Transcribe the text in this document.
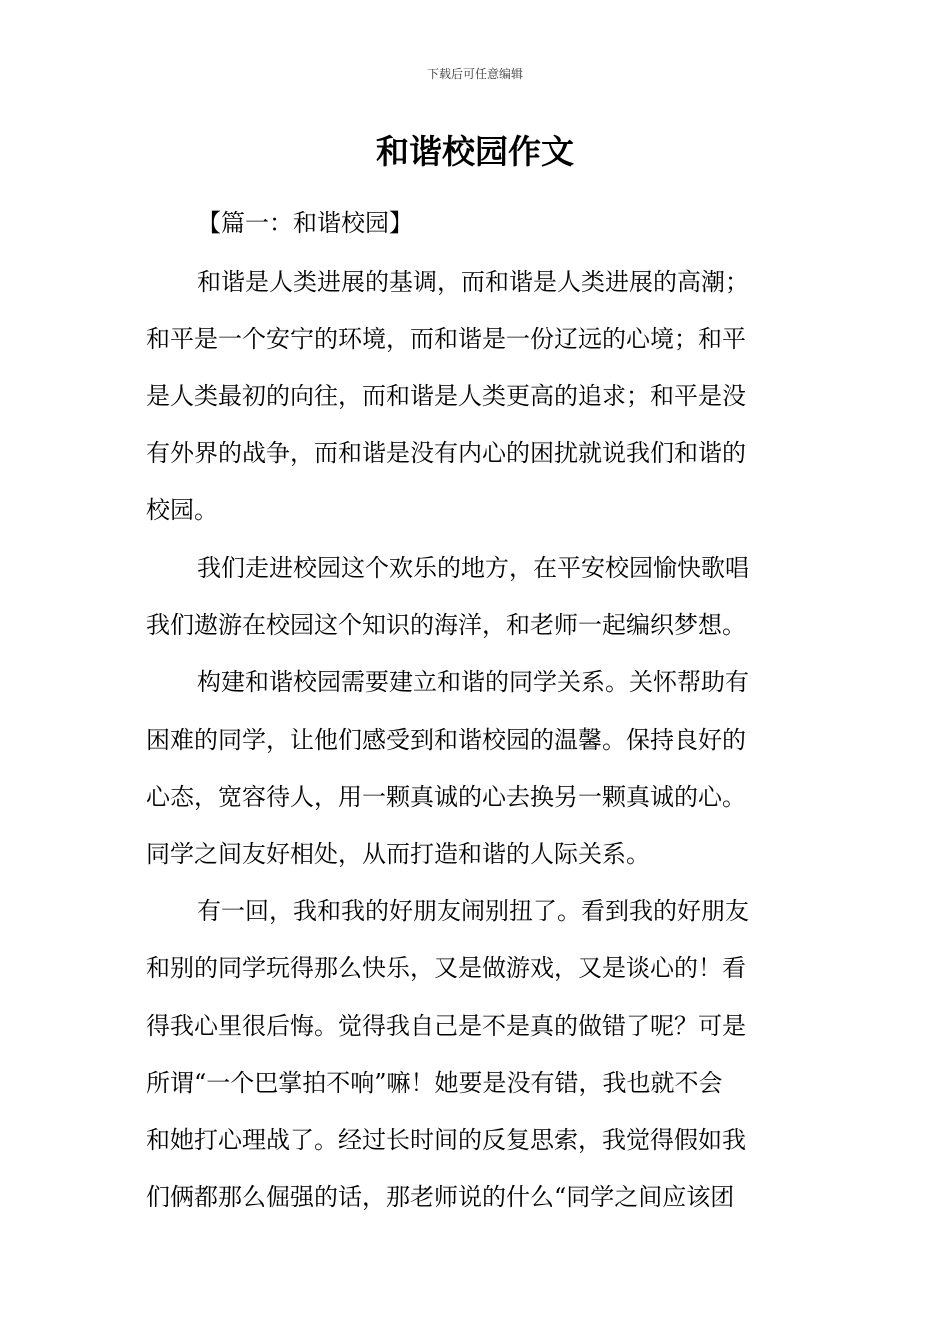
下载后可任意编辑
和谐校园作文
【篇一：和谐校园】
和谐是人类进展的基调，而和谐是人类进展的高潮；
和平是一个安宁的环境，而和谐是一份辽远的心境；和平
是人类最初的向往，而和谐是人类更高的追求；和平是没
有外界的战争，而和谐是没有内心的困扰就说我们和谐的
校园。
我们走进校园这个欢乐的地方，在平安校园愉快歌唱
我们遨游在校园这个知识的海洋，和老师一起编织梦想。
构建和谐校园需要建立和谐的同学关系。关怀帮助有
困难的同学，让他们感受到和谐校园的温馨。保持良好的
心态，宽容待人，用一颗真诚的心去换另一颗真诚的心。
同学之间友好相处，从而打造和谐的人际关系。
有一回，我和我的好朋友闹别扭了。看到我的好朋友
和别的同学玩得那么快乐，又是做游戏，又是谈心的！看
得我心里很后悔。觉得我自己是不是真的做错了呢？可是
所谓“一个巴掌拍不响”嘛！她要是没有错，我也就不会
和她打心理战了。经过长时间的反复思索，我觉得假如我
们俩都那么倔强的话，那老师说的什么“同学之间应该团
